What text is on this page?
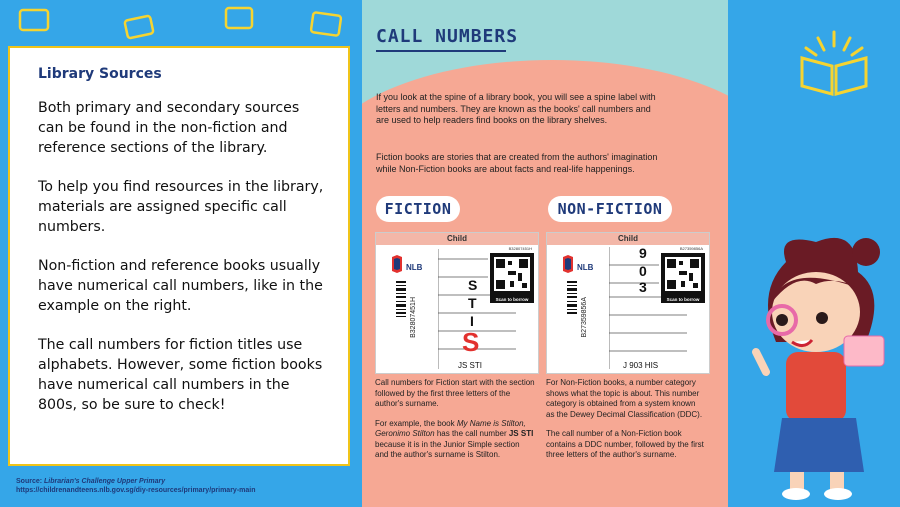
Library Sources

Both primary and secondary sources can be found in the non-fiction and reference sections of the library.

To help you find resources in the library, materials are assigned specific call numbers.

Non-fiction and reference books usually have numerical call numbers, like in the example on the right.

The call numbers for fiction titles use alphabets. However, some fiction books have numerical call numbers in the 800s, so be sure to check!

Source: Librarian's Challenge Upper Primary
https://childrenandteens.nlb.gov.sg/diy-resources/primary/primary-main
CALL NUMBERS

If you look at the spine of a library book, you will see a spine label with letters and numbers. They are known as the books' call numbers and are used to help readers find books on the library shelves.

Fiction books are stories that are created from the authors' imagination while Non-Fiction books are about facts and real-life happenings.

FICTION	NON-FICTION
Child
NLB
B32807451H
B32807451H
Scan to borrow
S
T
I
S
JS STI
Child
NLB
B27359856A
B27359856A
Scan to borrow
9
0
3
J 903 HIS

Call numbers for Fiction start with the section followed by the first three letters of the author's surname.

For example, the book My Name is Stilton, Geronimo Stilton has the call number JS STI because it is in the Junior Simple section and the author's surname is Stilton.

For Non-Fiction books, a number category shows what the topic is about. This number category is obtained from a system known as the Dewey Decimal Classification (DDC).

The call number of a Non-Fiction book contains a DDC number, followed by the first three letters of the author's surname.
